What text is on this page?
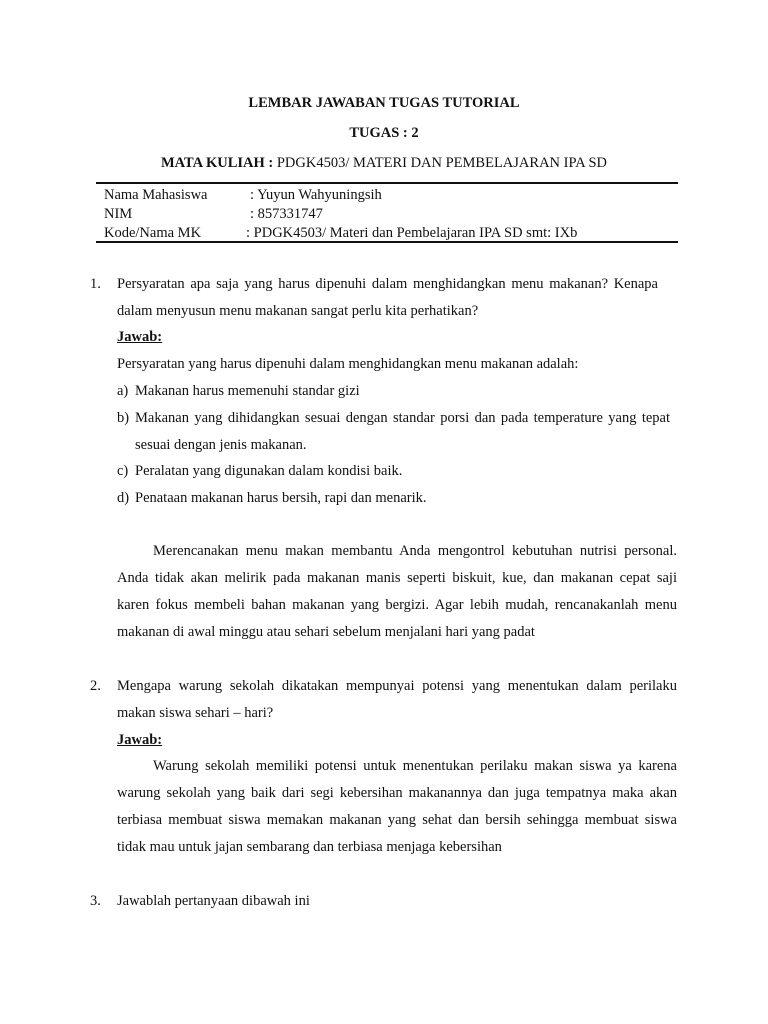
LEMBAR JAWABAN TUGAS TUTORIAL
TUGAS : 2
MATA KULIAH : PDGK4503/ MATERI DAN PEMBELAJARAN IPA SD
Nama Mahasiswa	: Yuyun Wahyuningsih
NIM	: 857331747
Kode/Nama MK	: PDGK4503/ Materi dan Pembelajaran IPA SD smt: IXb
1. Persyaratan apa saja yang harus dipenuhi dalam menghidangkan menu makanan? Kenapa
dalam menyusun menu makanan sangat perlu kita perhatikan?
Jawab:
Persyaratan yang harus dipenuhi dalam menghidangkan menu makanan adalah:
a) Makanan harus memenuhi standar gizi
b) Makanan yang dihidangkan sesuai dengan standar porsi dan pada temperature yang tepat
sesuai dengan jenis makanan.
c) Peralatan yang digunakan dalam kondisi baik.
d) Penataan makanan harus bersih, rapi dan menarik.
Merencanakan menu makan membantu Anda mengontrol kebutuhan nutrisi personal.
Anda tidak akan melirik pada makanan manis seperti biskuit, kue, dan makanan cepat saji
karen fokus membeli bahan makanan yang bergizi. Agar lebih mudah, rencanakanlah menu
makanan di awal minggu atau sehari sebelum menjalani hari yang padat
2. Mengapa warung sekolah dikatakan mempunyai potensi yang menentukan dalam perilaku
makan siswa sehari – hari?
Jawab:
Warung sekolah memiliki potensi untuk menentukan perilaku makan siswa ya karena
warung sekolah yang baik dari segi kebersihan makanannya dan juga tempatnya maka akan
terbiasa membuat siswa memakan makanan yang sehat dan bersih sehingga membuat siswa
tidak mau untuk jajan sembarang dan terbiasa menjaga kebersihan
3. Jawablah pertanyaan dibawah ini
